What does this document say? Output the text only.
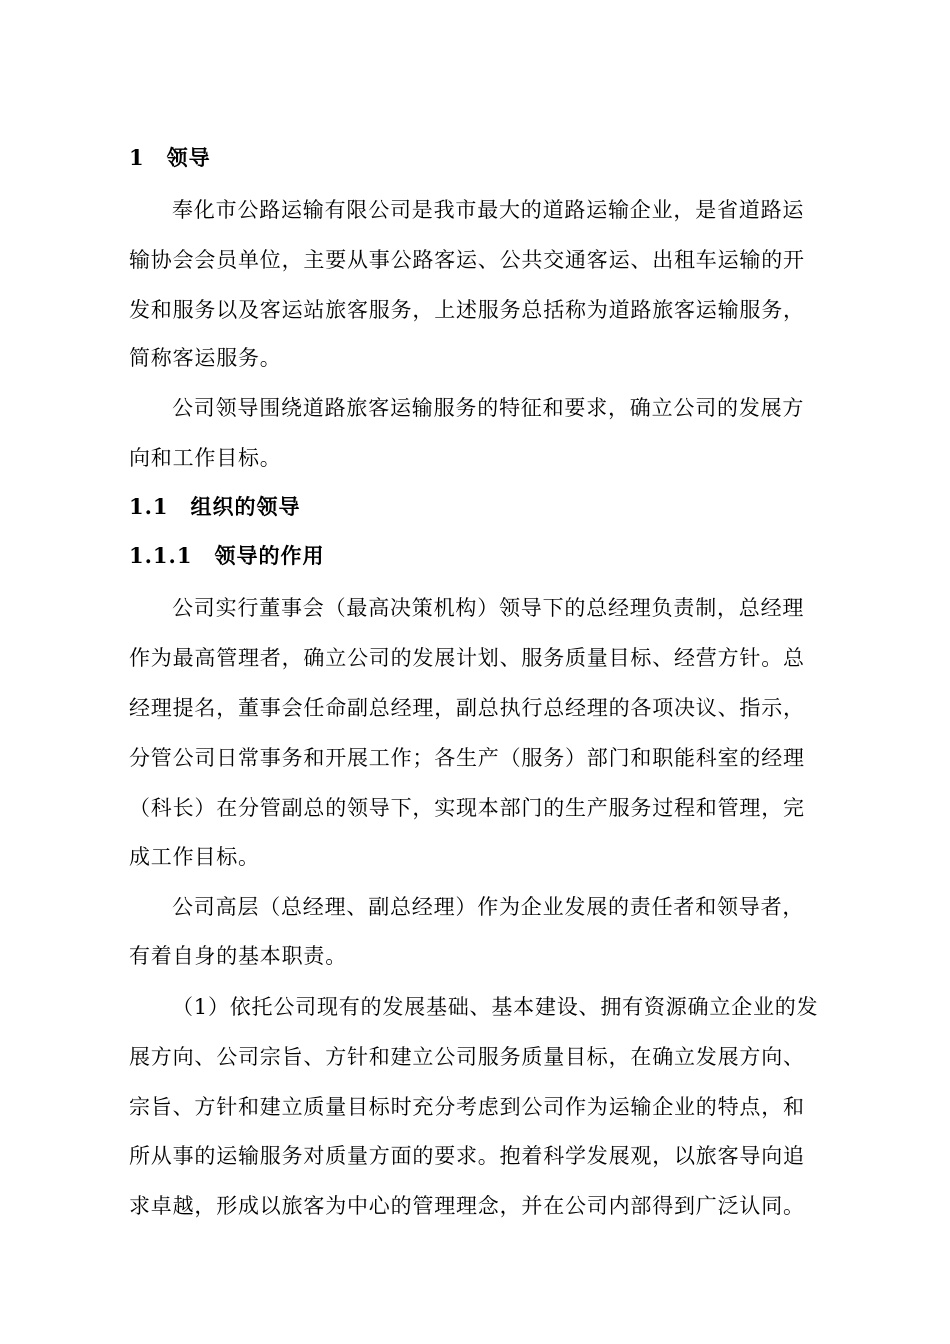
1　领导
奉化市公路运输有限公司是我市最大的道路运输企业，是省道路运
输协会会员单位，主要从事公路客运、公共交通客运、出租车运输的开
发和服务以及客运站旅客服务，上述服务总括称为道路旅客运输服务，
简称客运服务。
公司领导围绕道路旅客运输服务的特征和要求，确立公司的发展方
向和工作目标。
1.1　组织的领导
1.1.1　领导的作用
公司实行董事会（最高决策机构）领导下的总经理负责制，总经理
作为最高管理者，确立公司的发展计划、服务质量目标、经营方针。总
经理提名，董事会任命副总经理，副总执行总经理的各项决议、指示，
分管公司日常事务和开展工作；各生产（服务）部门和职能科室的经理
（科长）在分管副总的领导下，实现本部门的生产服务过程和管理，完
成工作目标。
公司高层（总经理、副总经理）作为企业发展的责任者和领导者，
有着自身的基本职责。
（1）依托公司现有的发展基础、基本建设、拥有资源确立企业的发
展方向、公司宗旨、方针和建立公司服务质量目标，在确立发展方向、
宗旨、方针和建立质量目标时充分考虑到公司作为运输企业的特点，和
所从事的运输服务对质量方面的要求。抱着科学发展观，以旅客导向追
求卓越，形成以旅客为中心的管理理念，并在公司内部得到广泛认同。
